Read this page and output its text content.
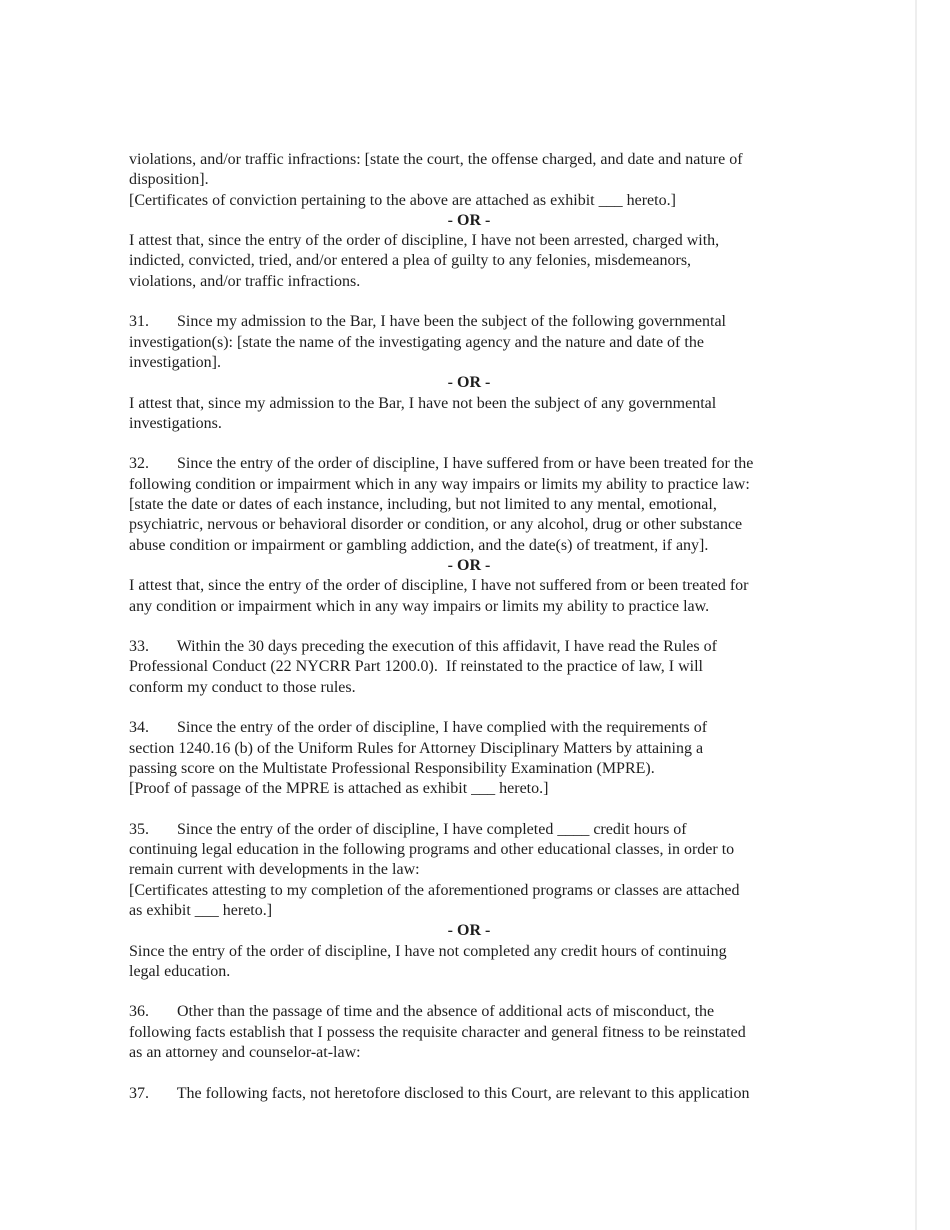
violations, and/or traffic infractions: [state the court, the offense charged, and date and nature of
disposition].
[Certificates of conviction pertaining to the above are attached as exhibit ___ hereto.]
- OR -
I attest that, since the entry of the order of discipline, I have not been arrested, charged with,
indicted, convicted, tried, and/or entered a plea of guilty to any felonies, misdemeanors,
violations, and/or traffic infractions.
31.       Since my admission to the Bar, I have been the subject of the following governmental
investigation(s): [state the name of the investigating agency and the nature and date of the
investigation].
- OR -
I attest that, since my admission to the Bar, I have not been the subject of any governmental
investigations.
32.       Since the entry of the order of discipline, I have suffered from or have been treated for the
following condition or impairment which in any way impairs or limits my ability to practice law:
[state the date or dates of each instance, including, but not limited to any mental, emotional,
psychiatric, nervous or behavioral disorder or condition, or any alcohol, drug or other substance
abuse condition or impairment or gambling addiction, and the date(s) of treatment, if any].
- OR -
I attest that, since the entry of the order of discipline, I have not suffered from or been treated for
any condition or impairment which in any way impairs or limits my ability to practice law.
33.       Within the 30 days preceding the execution of this affidavit, I have read the Rules of
Professional Conduct (22 NYCRR Part 1200.0).  If reinstated to the practice of law, I will
conform my conduct to those rules.
34.       Since the entry of the order of discipline, I have complied with the requirements of
section 1240.16 (b) of the Uniform Rules for Attorney Disciplinary Matters by attaining a
passing score on the Multistate Professional Responsibility Examination (MPRE).
[Proof of passage of the MPRE is attached as exhibit ___ hereto.]
35.       Since the entry of the order of discipline, I have completed ____ credit hours of
continuing legal education in the following programs and other educational classes, in order to
remain current with developments in the law:
[Certificates attesting to my completion of the aforementioned programs or classes are attached
as exhibit ___ hereto.]
- OR -
Since the entry of the order of discipline, I have not completed any credit hours of continuing
legal education.
36.       Other than the passage of time and the absence of additional acts of misconduct, the
following facts establish that I possess the requisite character and general fitness to be reinstated
as an attorney and counselor-at-law:
37.       The following facts, not heretofore disclosed to this Court, are relevant to this application
